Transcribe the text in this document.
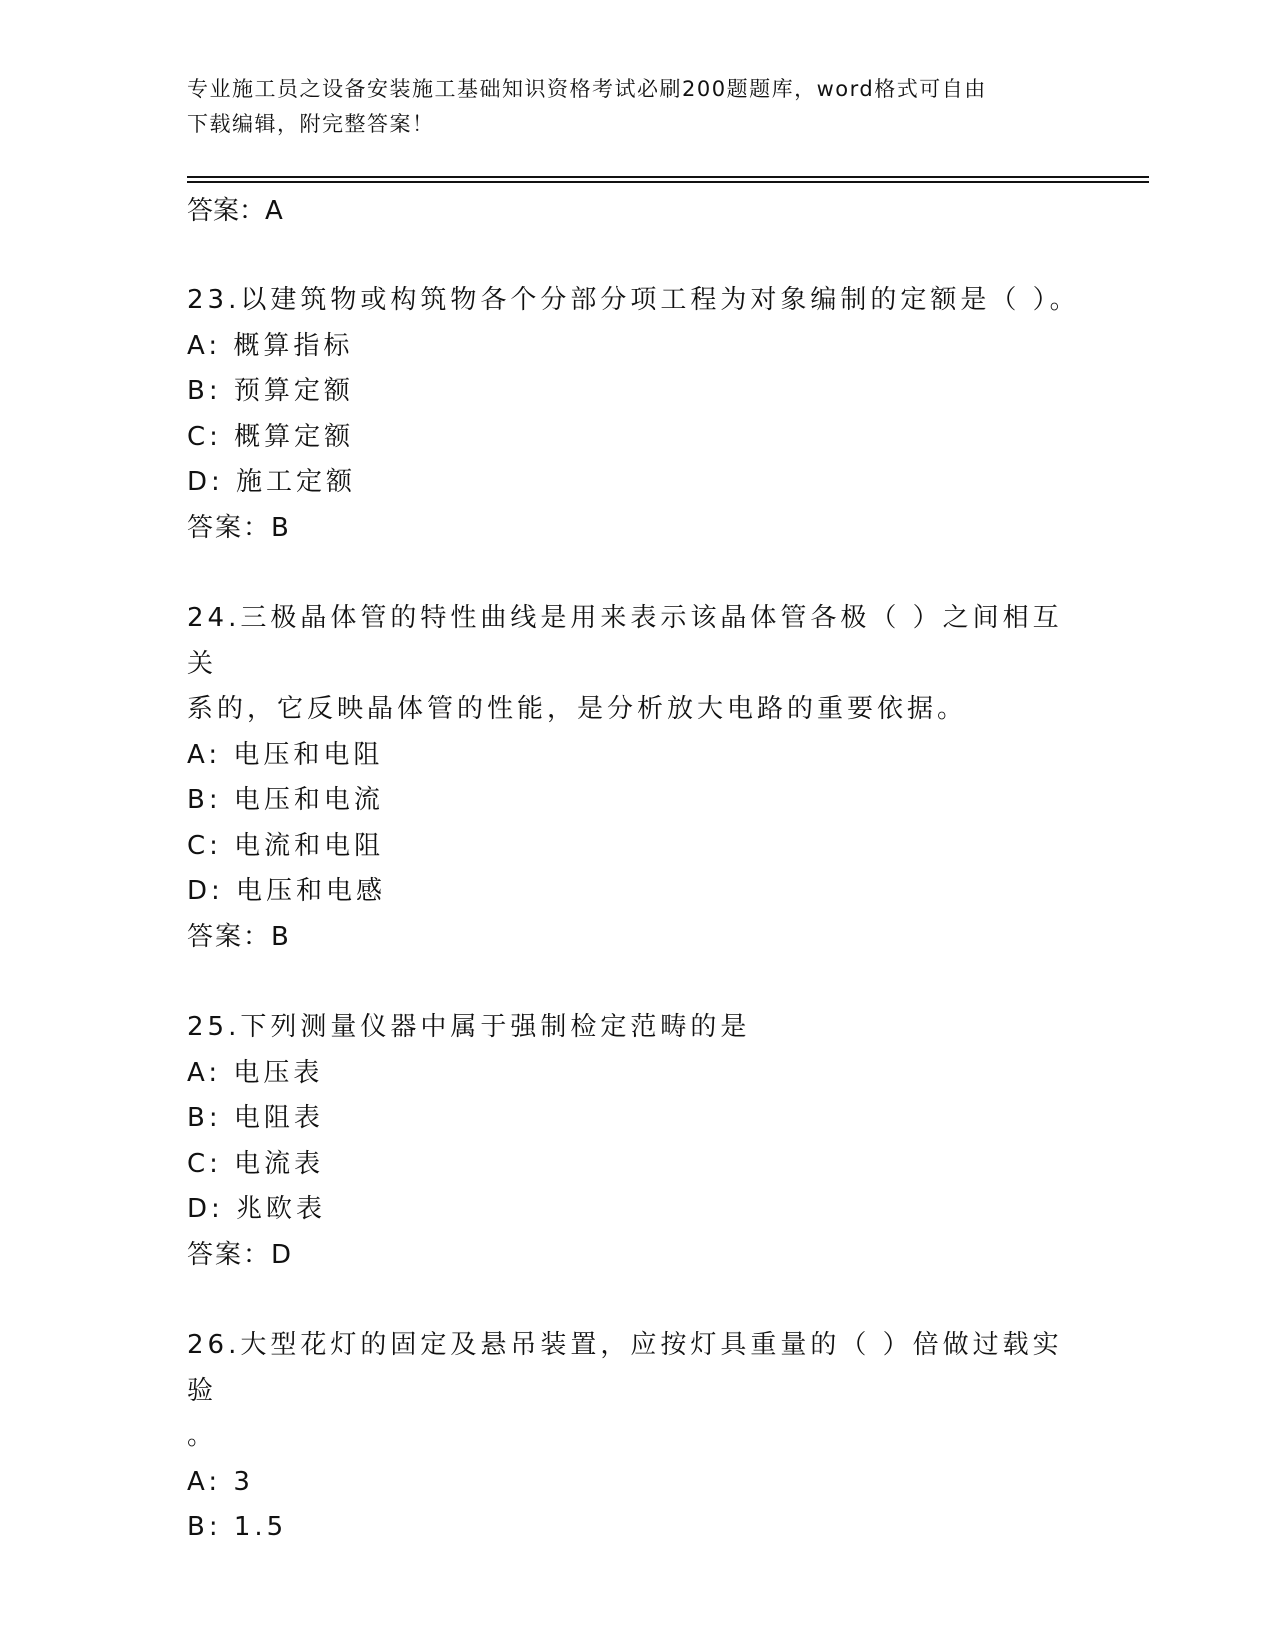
专业施工员之设备安装施工基础知识资格考试必刷200题题库，word格式可自由
下载编辑，附完整答案！
答案：A
23.以建筑物或构筑物各个分部分项工程为对象编制的定额是（ ）。
A: 概算指标
B: 预算定额
C: 概算定额
D: 施工定额
答案：B
24.三极晶体管的特性曲线是用来表示该晶体管各极（ ）之间相互关
系的，它反映晶体管的性能，是分析放大电路的重要依据。
A: 电压和电阻
B: 电压和电流
C: 电流和电阻
D: 电压和电感
答案：B
25.下列测量仪器中属于强制检定范畴的是
A: 电压表
B: 电阻表
C: 电流表
D: 兆欧表
答案：D
26.大型花灯的固定及悬吊装置，应按灯具重量的（ ）倍做过载实验
。
A: 3
B: 1.5
